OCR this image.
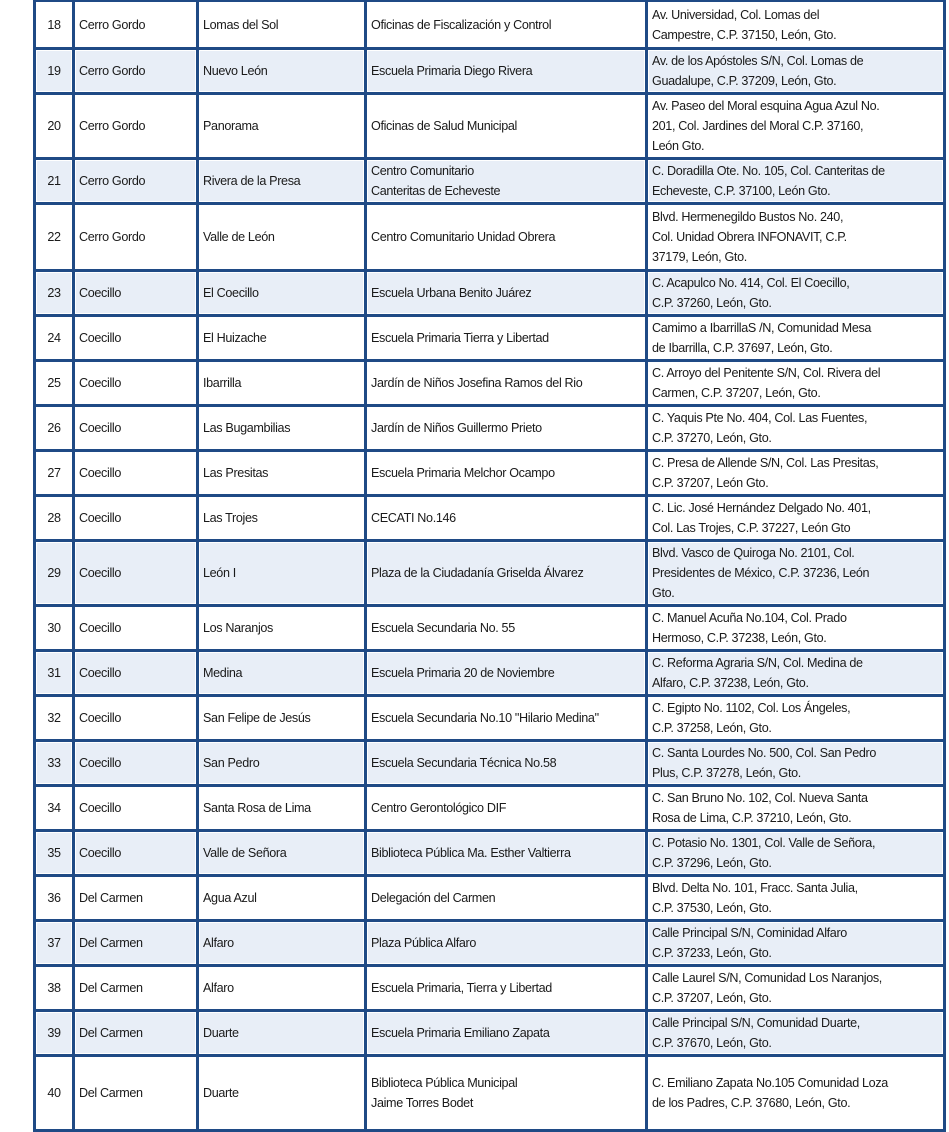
18	Cerro Gordo	Lomas del Sol	Oficinas de Fiscalización y Control	Av. Universidad, Col. Lomas del
Campestre, C.P. 37150, León, Gto.
19	Cerro Gordo	Nuevo León	Escuela Primaria Diego Rivera	Av. de los Apóstoles S/N, Col. Lomas de
Guadalupe, C.P. 37209, León, Gto.
20	Cerro Gordo	Panorama	Oficinas de Salud Municipal	Av. Paseo del Moral esquina Agua Azul No.
201, Col. Jardines del Moral C.P. 37160,
León Gto.
21	Cerro Gordo	Rivera de la Presa	Centro Comunitario
Canteritas de Echeveste	C. Doradilla Ote. No. 105, Col. Canteritas de
Echeveste, C.P. 37100, León Gto.
22	Cerro Gordo	Valle de León	Centro Comunitario Unidad Obrera	Blvd. Hermenegildo Bustos No. 240,
Col. Unidad Obrera INFONAVIT, C.P.
37179, León, Gto.
23	Coecillo	El Coecillo	Escuela Urbana Benito Juárez	C. Acapulco No. 414, Col. El Coecillo,
C.P. 37260, León, Gto.
24	Coecillo	El Huizache	Escuela Primaria Tierra y Libertad	Camimo a IbarrillaS /N, Comunidad Mesa
de Ibarrilla, C.P. 37697, León, Gto.
25	Coecillo	Ibarrilla	Jardín de Niños Josefina Ramos del Rio	C. Arroyo del Penitente S/N, Col. Rivera del
Carmen, C.P. 37207, León, Gto.
26	Coecillo	Las Bugambilias	Jardín de Niños Guillermo Prieto	C. Yaquis Pte No. 404, Col. Las Fuentes,
C.P. 37270, León, Gto.
27	Coecillo	Las Presitas	Escuela Primaria Melchor Ocampo	C. Presa de Allende S/N, Col. Las Presitas,
C.P. 37207, León Gto.
28	Coecillo	Las Trojes	CECATI No.146	C. Lic. José Hernández Delgado No. 401,
Col. Las Trojes, C.P. 37227, León Gto
29	Coecillo	León I	Plaza de la Ciudadanía Griselda Álvarez	Blvd. Vasco de Quiroga No. 2101, Col.
Presidentes de México, C.P. 37236, León
Gto.
30	Coecillo	Los Naranjos	Escuela Secundaria No. 55	C. Manuel Acuña No.104, Col. Prado
Hermoso, C.P. 37238, León, Gto.
31	Coecillo	Medina	Escuela Primaria 20 de Noviembre	C. Reforma Agraria S/N, Col. Medina de
Alfaro, C.P. 37238, León, Gto.
32	Coecillo	San Felipe de Jesús	Escuela Secundaria No.10 "Hilario Medina"	C. Egipto No. 1102, Col. Los Ángeles,
C.P. 37258, León, Gto.
33	Coecillo	San Pedro	Escuela Secundaria Técnica No.58	C. Santa Lourdes No. 500, Col. San Pedro
Plus, C.P. 37278, León, Gto.
34	Coecillo	Santa Rosa de Lima	Centro Gerontológico DIF	C. San Bruno No. 102, Col. Nueva Santa
Rosa de Lima, C.P. 37210, León, Gto.
35	Coecillo	Valle de Señora	Biblioteca Pública Ma. Esther Valtierra	C. Potasio No. 1301, Col. Valle de Señora,
C.P. 37296, León, Gto.
36	Del Carmen	Agua Azul	Delegación del Carmen	Blvd. Delta No. 101, Fracc. Santa Julia,
C.P. 37530, León, Gto.
37	Del Carmen	Alfaro	Plaza Pública Alfaro	Calle Principal S/N, Cominidad Alfaro
C.P. 37233, León, Gto.
38	Del Carmen	Alfaro	Escuela Primaria, Tierra y Libertad	Calle Laurel S/N, Comunidad Los Naranjos,
C.P. 37207, León, Gto.
39	Del Carmen	Duarte	Escuela Primaria Emiliano Zapata	Calle Principal S/N, Comunidad Duarte,
C.P. 37670, León, Gto.
40	Del Carmen	Duarte	Biblioteca Pública Municipal
Jaime Torres Bodet	C. Emiliano Zapata No.105 Comunidad Loza
de los Padres, C.P. 37680, León, Gto.
